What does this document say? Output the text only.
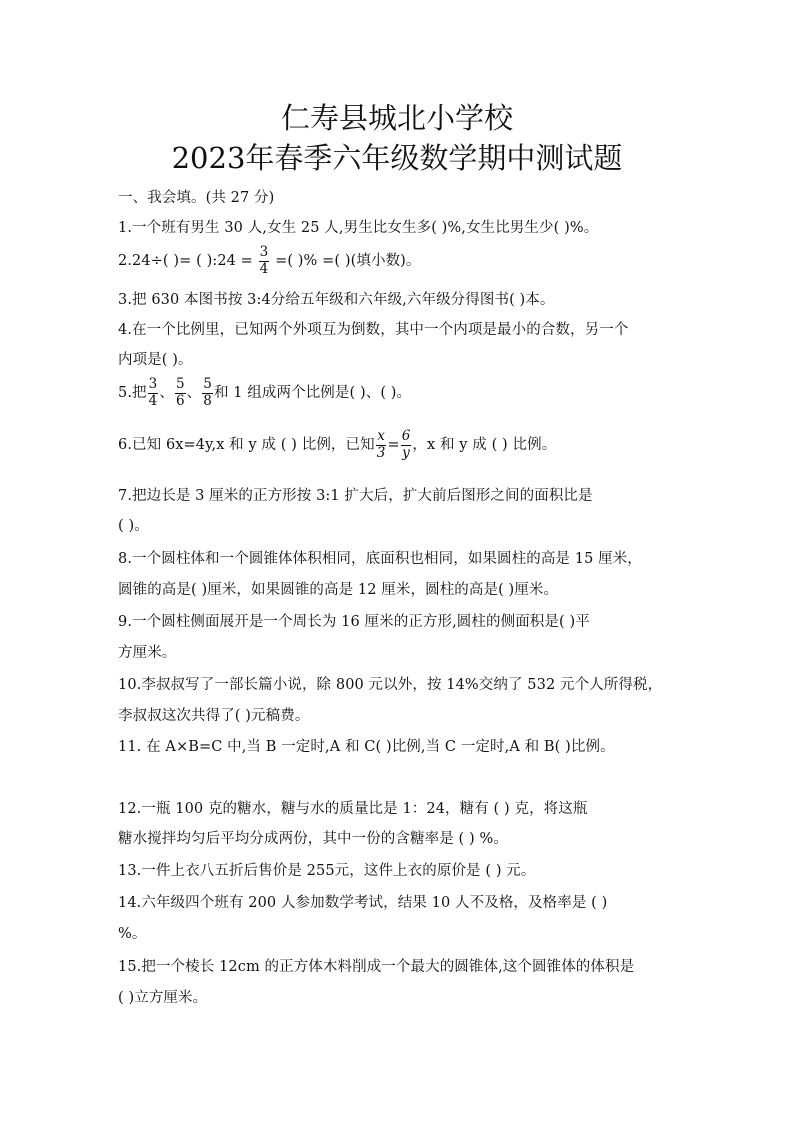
仁寿县城北小学校
2023年春季六年级数学期中测试题
一、我会填。(共 27 分)
1.一个班有男生 30 人,女生 25 人,男生比女生多( )%,女生比男生少( )%。
2.24÷( )= ( ):24 = $\frac{3}{4}$ =( )% =( )(填小数)。
3.把 630 本图书按 3:4分给五年级和六年级,六年级分得图书( )本。
4.在一个比例里，已知两个外项互为倒数，其中一个内项是最小的合数，另一个
内项是( )。
5.把 $\frac{3}{4}$ 、 $\frac{5}{6}$ 、 $\frac{5}{8}$ 和 1 组成两个比例是( )、( )。
6.已知 6x=4y,x 和 y 成 ( ) 比例，已知 $\frac{x}{3} = \frac{6}{y}$ ，x 和 y 成 ( ) 比例。
7.把边长是 3 厘米的正方形按 3:1 扩大后，扩大前后图形之间的面积比是
( )。
8.一个圆柱体和一个圆锥体体积相同，底面积也相同，如果圆柱的高是 15 厘米，
圆锥的高是( )厘米，如果圆锥的高是 12 厘米，圆柱的高是( )厘米。
9.一个圆柱侧面展开是一个周长为 16 厘米的正方形,圆柱的侧面积是( )平
方厘米。
10.李叔叔写了一部长篇小说，除 800 元以外，按 14%交纳了 532 元个人所得税，
李叔叔这次共得了( )元稿费。
11. 在 A×B=C 中,当 B 一定时,A 和 C( )比例,当 C 一定时,A 和 B( )比例。
12.一瓶 100 克的糖水，糖与水的质量比是 1：24，糖有 ( ) 克，将这瓶
糖水搅拌均匀后平均分成两份，其中一份的含糖率是 ( ) %。
13.一件上衣八五折后售价是 255元，这件上衣的原价是 ( ) 元。
14.六年级四个班有 200 人参加数学考试，结果 10 人不及格，及格率是 ( )
%。
15.把一个棱长 12cm 的正方体木料削成一个最大的圆锥体,这个圆锥体的体积是
( )立方厘米。
